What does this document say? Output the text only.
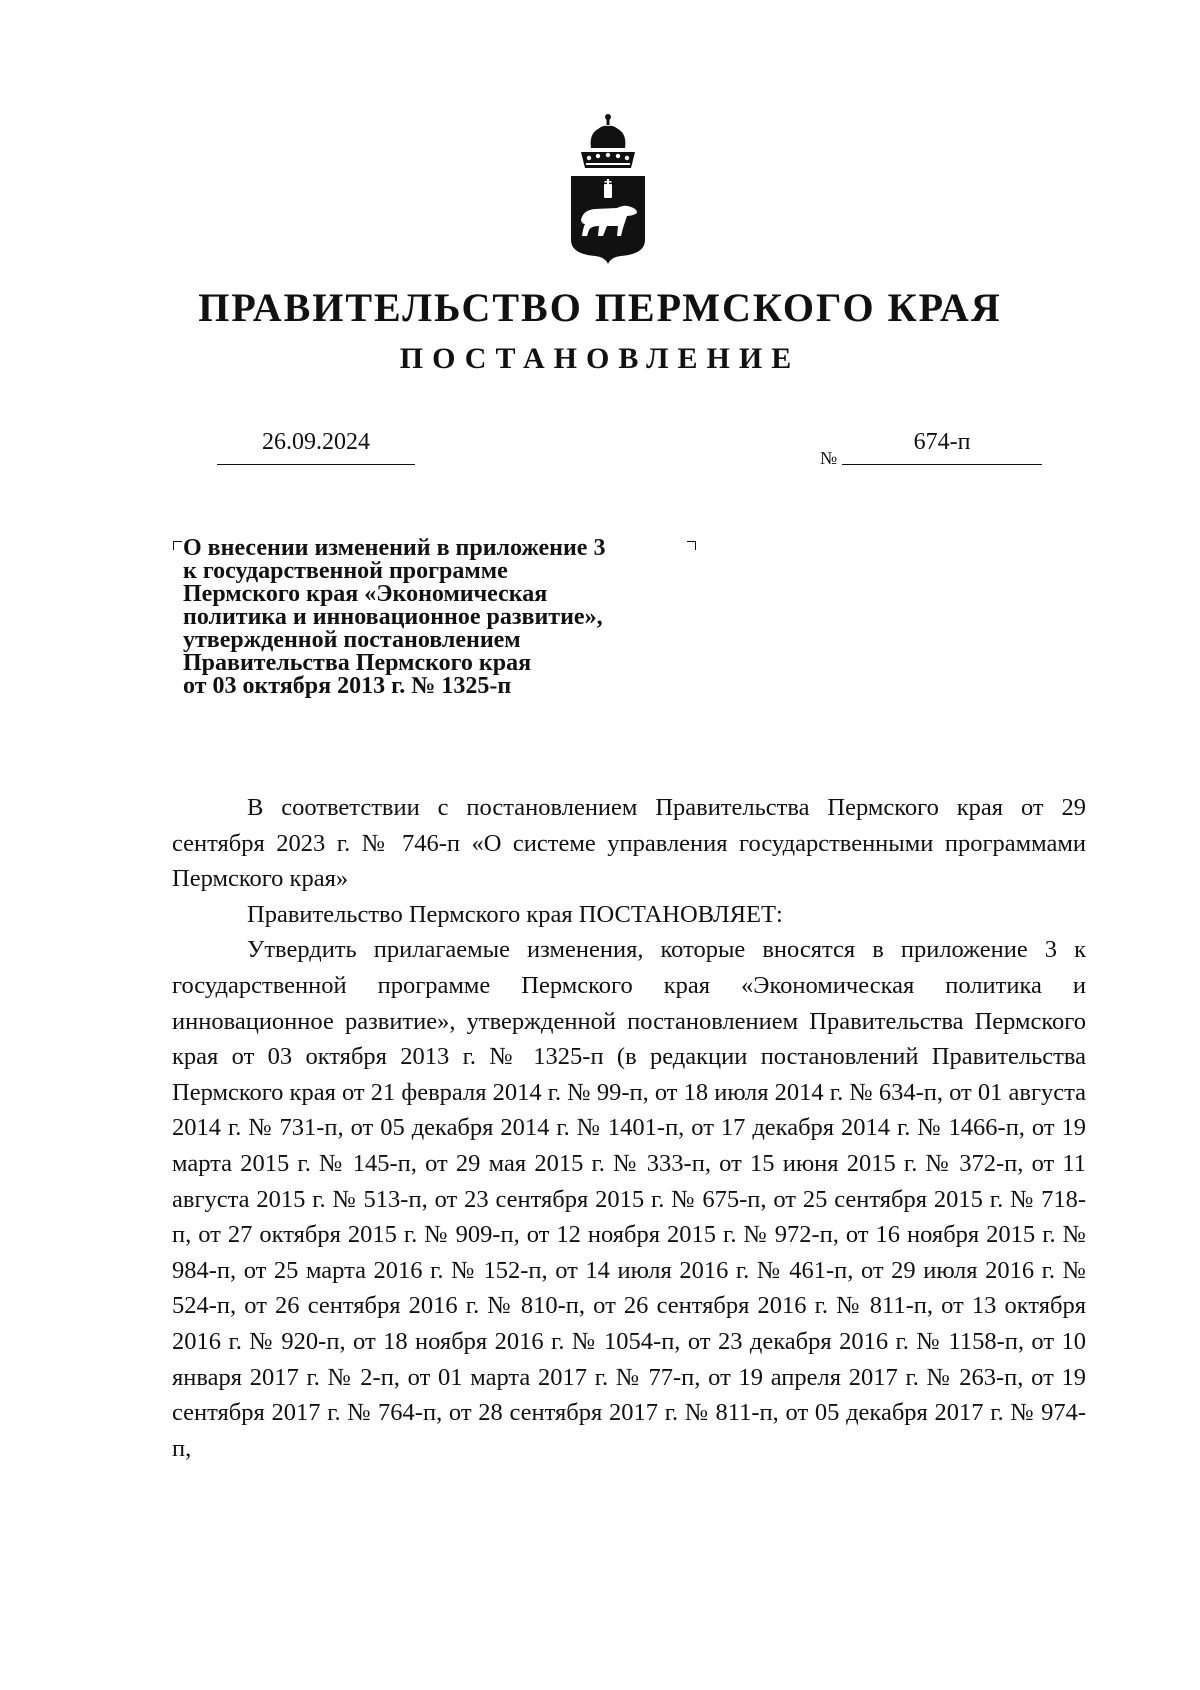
ПРАВИТЕЛЬСТВО ПЕРМСКОГО КРАЯ
ПОСТАНОВЛЕНИЕ
26.09.2024
№
674-п
О внесении изменений в приложение 3
к государственной программе
Пермского края «Экономическая
политика и инновационное развитие»,
утвержденной постановлением
Правительства Пермского края
от 03 октября 2013 г. № 1325-п

В соответствии с постановлением Правительства Пермского края от 29 сентября 2023 г. № 746-п «О системе управления государственными программами Пермского края»

Правительство Пермского края ПОСТАНОВЛЯЕТ:

Утвердить прилагаемые изменения, которые вносятся в приложение 3 к государственной программе Пермского края «Экономическая политика и инновационное развитие», утвержденной постановлением Правительства Пермского края от 03 октября 2013 г. № 1325-п (в редакции постановлений Правительства Пермского края от 21 февраля 2014 г. № 99-п, от 18 июля 2014 г. № 634-п, от 01 августа 2014 г. № 731-п, от 05 декабря 2014 г. № 1401-п, от 17 декабря 2014 г. № 1466-п, от 19 марта 2015 г. № 145-п, от 29 мая 2015 г. № 333-п, от 15 июня 2015 г. № 372-п, от 11 августа 2015 г. № 513-п, от 23 сентября 2015 г. № 675-п, от 25 сентября 2015 г. № 718-п, от 27 октября 2015 г. № 909-п, от 12 ноября 2015 г. № 972-п, от 16 ноября 2015 г. № 984-п, от 25 марта 2016 г. № 152-п, от 14 июля 2016 г. № 461-п, от 29 июля 2016 г. № 524-п, от 26 сентября 2016 г. № 810-п, от 26 сентября 2016 г. № 811-п, от 13 октября 2016 г. № 920-п, от 18 ноября 2016 г. № 1054-п, от 23 декабря 2016 г. № 1158-п, от 10 января 2017 г. № 2-п, от 01 марта 2017 г. № 77-п, от 19 апреля 2017 г. № 263-п, от 19 сентября 2017 г. № 764-п, от 28 сентября 2017 г. № 811-п, от 05 декабря 2017 г. № 974-п,
